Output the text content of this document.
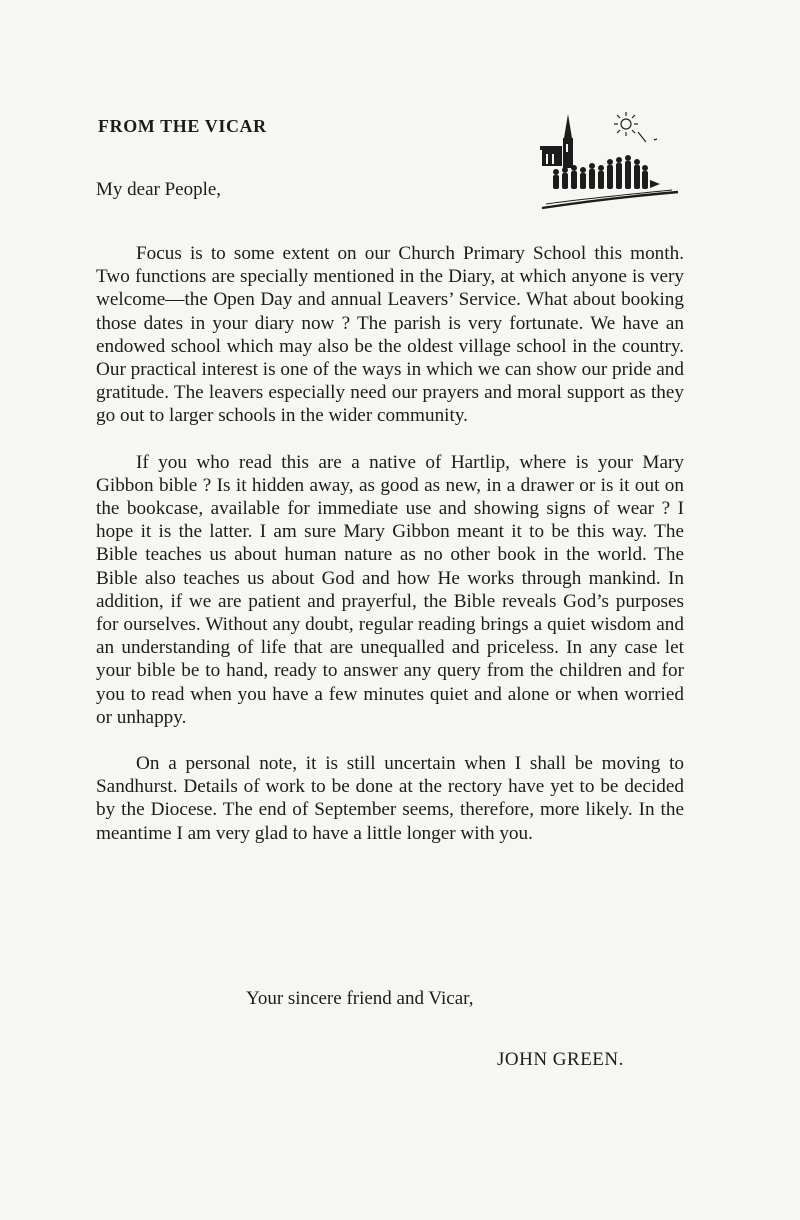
FROM THE VICAR
My dear People,

Focus is to some extent on our Church Primary School this month. Two functions are specially mentioned in the Diary, at which anyone is very welcome—the Open Day and annual Leavers’ Service. What about booking those dates in your diary now ? The parish is very fortunate. We have an endowed school which may also be the oldest village school in the country. Our practical interest is one of the ways in which we can show our pride and gratitude. The leavers especially need our prayers and moral support as they go out to larger schools in the wider community.

If you who read this are a native of Hartlip, where is your Mary Gibbon bible ? Is it hidden away, as good as new, in a drawer or is it out on the bookcase, available for immediate use and showing signs of wear ? I hope it is the latter. I am sure Mary Gibbon meant it to be this way. The Bible teaches us about human nature as no other book in the world. The Bible also teaches us about God and how He works through mankind. In addition, if we are patient and prayerful, the Bible reveals God’s purposes for ourselves. Without any doubt, regular reading brings a quiet wisdom and an understanding of life that are unequalled and priceless. In any case let your bible be to hand, ready to answer any query from the children and for you to read when you have a few minutes quiet and alone or when worried or unhappy.

On a personal note, it is still uncertain when I shall be moving to Sandhurst. Details of work to be done at the rectory have yet to be decided by the Diocese. The end of September seems, therefore, more likely. In the meantime I am very glad to have a little longer with you.

Your sincere friend and Vicar,
JOHN GREEN.
